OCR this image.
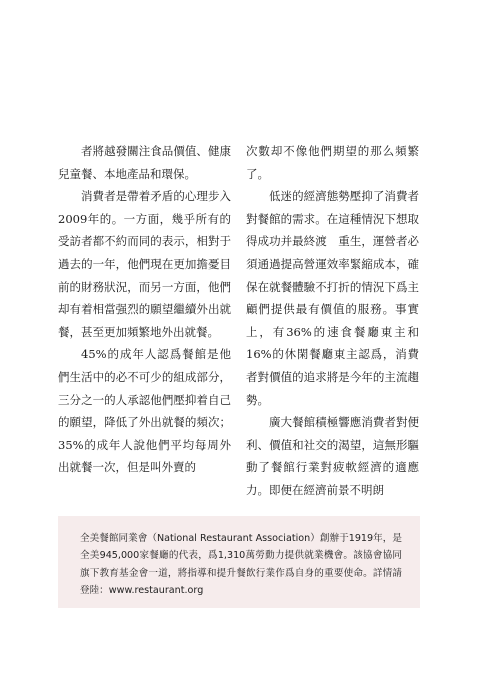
者將越發關注食品價值、健康兒童餐、本地產品和環保。

消費者是帶着矛盾的心理步入2009年的。一方面，幾乎所有的受訪者都不約而同的表示，相對于過去的一年，他們現在更加擔憂目前的財務狀況，而另一方面，他們却有着相當强烈的願望繼續外出就餐，甚至更加頻繁地外出就餐。

45%的成年人認爲餐館是他們生活中的必不可少的組成部分，三分之一的人承認他們壓抑着自己的願望，降低了外出就餐的頻次；35%的成年人說他們平均每周外出就餐一次，但是叫外賣的

次數却不像他們期望的那么頻繁了。

低迷的經濟態勢壓抑了消費者對餐館的需求。在這種情況下想取得成功并最終渡　重生，運營者必須通過提高營運效率緊縮成本，確保在就餐體驗不打折的情況下爲主顧們提供最有價值的服務。事實上，有36%的速食餐廳東主和16%的休閑餐廳東主認爲，消費者對價值的追求將是今年的主流趨勢。

廣大餐館積極響應消費者對便利、價值和社交的渴望，這無形驅動了餐館行業對疲軟經濟的適應力。即便在經濟前景不明朗

全美餐館同業會（National Restaurant Association）創辦于1919年，是全美945,000家餐廳的代表，爲1,310萬勞動力提供就業機會。該協會協同旗下教育基金會一道，將指導和提升餐飲行業作爲自身的重要使命。詳情請登陸：www.restaurant.org
